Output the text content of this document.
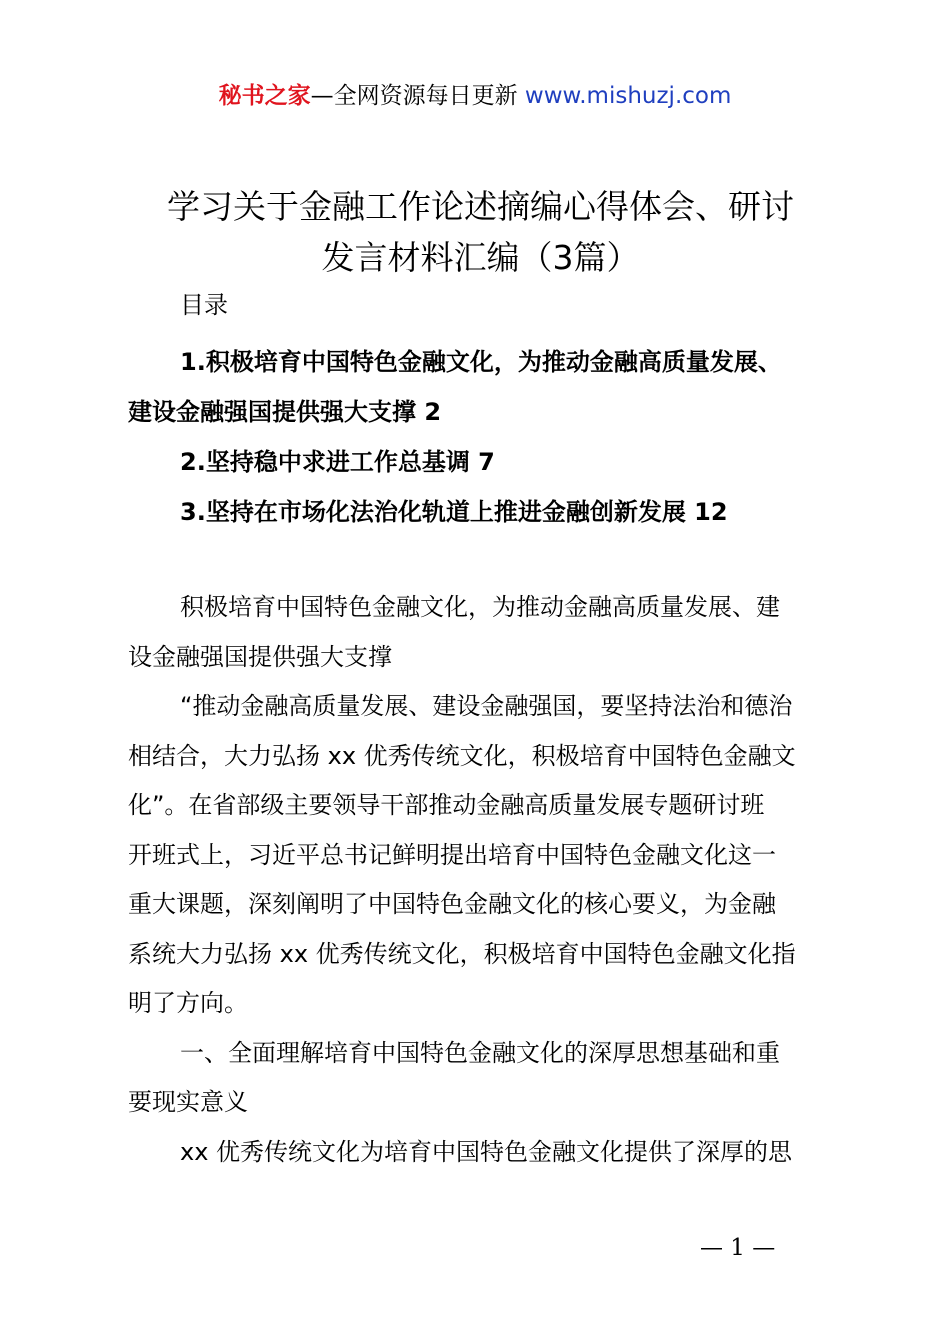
秘书之家—全网资源每日更新 www.mishuzj.com
学习关于金融工作论述摘编心得体会、研讨
发言材料汇编（3篇）
目录
1.积极培育中国特色金融文化，为推动金融高质量发展、
建设金融强国提供强大支撑 2
2.坚持稳中求进工作总基调 7
3.坚持在市场化法治化轨道上推进金融创新发展 12
积极培育中国特色金融文化，为推动金融高质量发展、建
设金融强国提供强大支撑
“推动金融高质量发展、建设金融强国，要坚持法治和德治
相结合，大力弘扬 xx 优秀传统文化，积极培育中国特色金融文
化”。在省部级主要领导干部推动金融高质量发展专题研讨班
开班式上，习近平总书记鲜明提出培育中国特色金融文化这一
重大课题，深刻阐明了中国特色金融文化的核心要义，为金融
系统大力弘扬 xx 优秀传统文化，积极培育中国特色金融文化指
明了方向。
一、全面理解培育中国特色金融文化的深厚思想基础和重
要现实意义
xx 优秀传统文化为培育中国特色金融文化提供了深厚的思
— 1 —
